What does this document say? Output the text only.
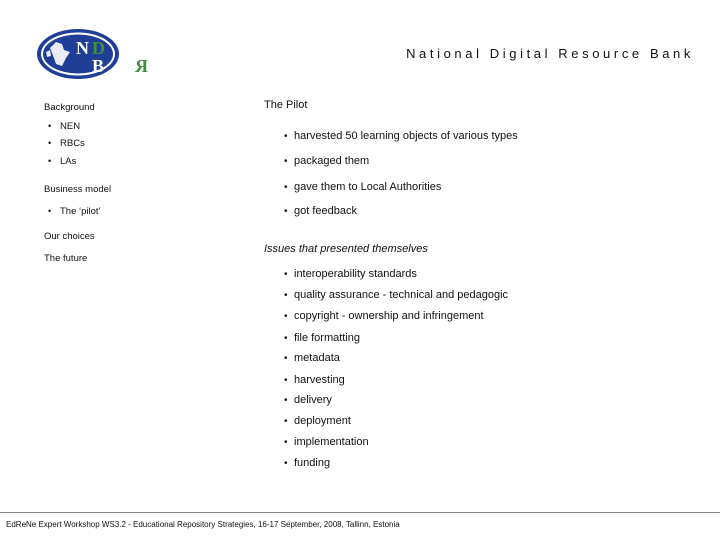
N D
R
B
National Digital Resource Bank
Background
• NEN
• RBCs
• LAs
Business model
• The ‘pilot’
Our choices
The future
The Pilot
• harvested 50 learning objects of various types
• packaged them
• gave them to Local Authorities
• got feedback
Issues that presented themselves
• interoperability standards
• quality assurance - technical and pedagogic
• copyright - ownership and infringement
• file formatting
• metadata
• harvesting
• delivery
• deployment
• implementation
• funding
EdReNe Expert Workshop WS3.2 - Educational Repository Strategies, 16-17 September, 2008, Tallinn, Estonia
